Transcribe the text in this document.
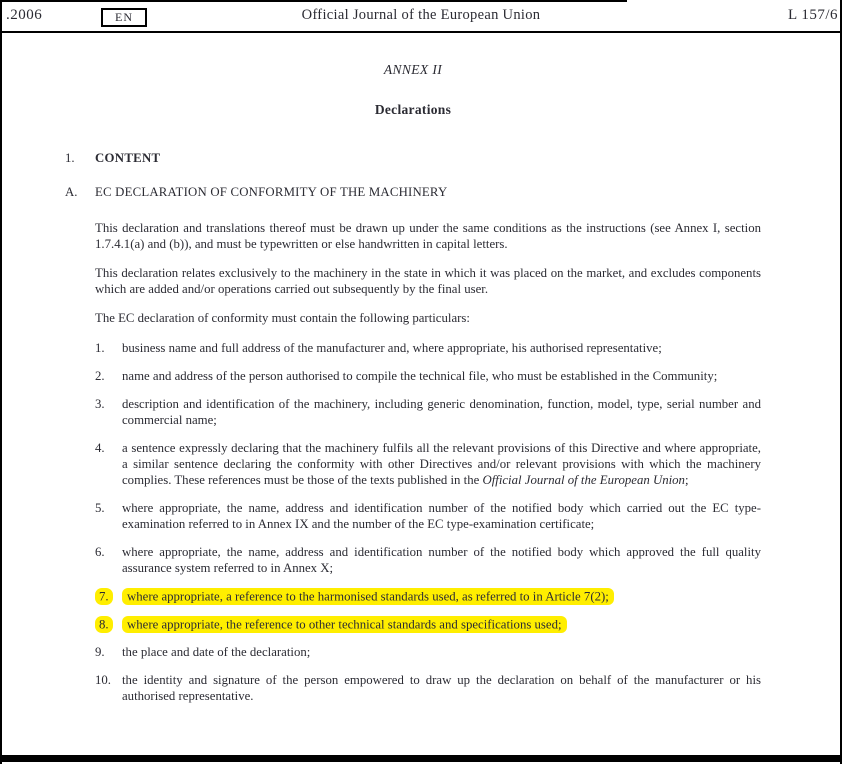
.2006	EN	Official Journal of the European Union	L 157/6
ANNEX II
Declarations
1.	CONTENT
A.	EC DECLARATION OF CONFORMITY OF THE MACHINERY

This declaration and translations thereof must be drawn up under the same conditions as the instructions (see Annex I, section 1.7.4.1(a) and (b)), and must be typewritten or else handwritten in capital letters.

This declaration relates exclusively to the machinery in the state in which it was placed on the market, and excludes components which are added and/or operations carried out subsequently by the final user.

The EC declaration of conformity must contain the following particulars:

1.	business name and full address of the manufacturer and, where appropriate, his authorised representative;
2.	name and address of the person authorised to compile the technical file, who must be established in the Community;
3.	description and identification of the machinery, including generic denomination, function, model, type, serial number and commercial name;
4.	a sentence expressly declaring that the machinery fulfils all the relevant provisions of this Directive and where appropriate, a similar sentence declaring the conformity with other Directives and/or relevant provisions with which the machinery complies. These references must be those of the texts published in the Official Journal of the European Union;
5.	where appropriate, the name, address and identification number of the notified body which carried out the EC type-examination referred to in Annex IX and the number of the EC type-examination certificate;
6.	where appropriate, the name, address and identification number of the notified body which approved the full quality assurance system referred to in Annex X;
7.	where appropriate, a reference to the harmonised standards used, as referred to in Article 7(2);
8.	where appropriate, the reference to other technical standards and specifications used;
9.	the place and date of the declaration;
10. the identity and signature of the person empowered to draw up the declaration on behalf of the manufacturer or his authorised representative.
